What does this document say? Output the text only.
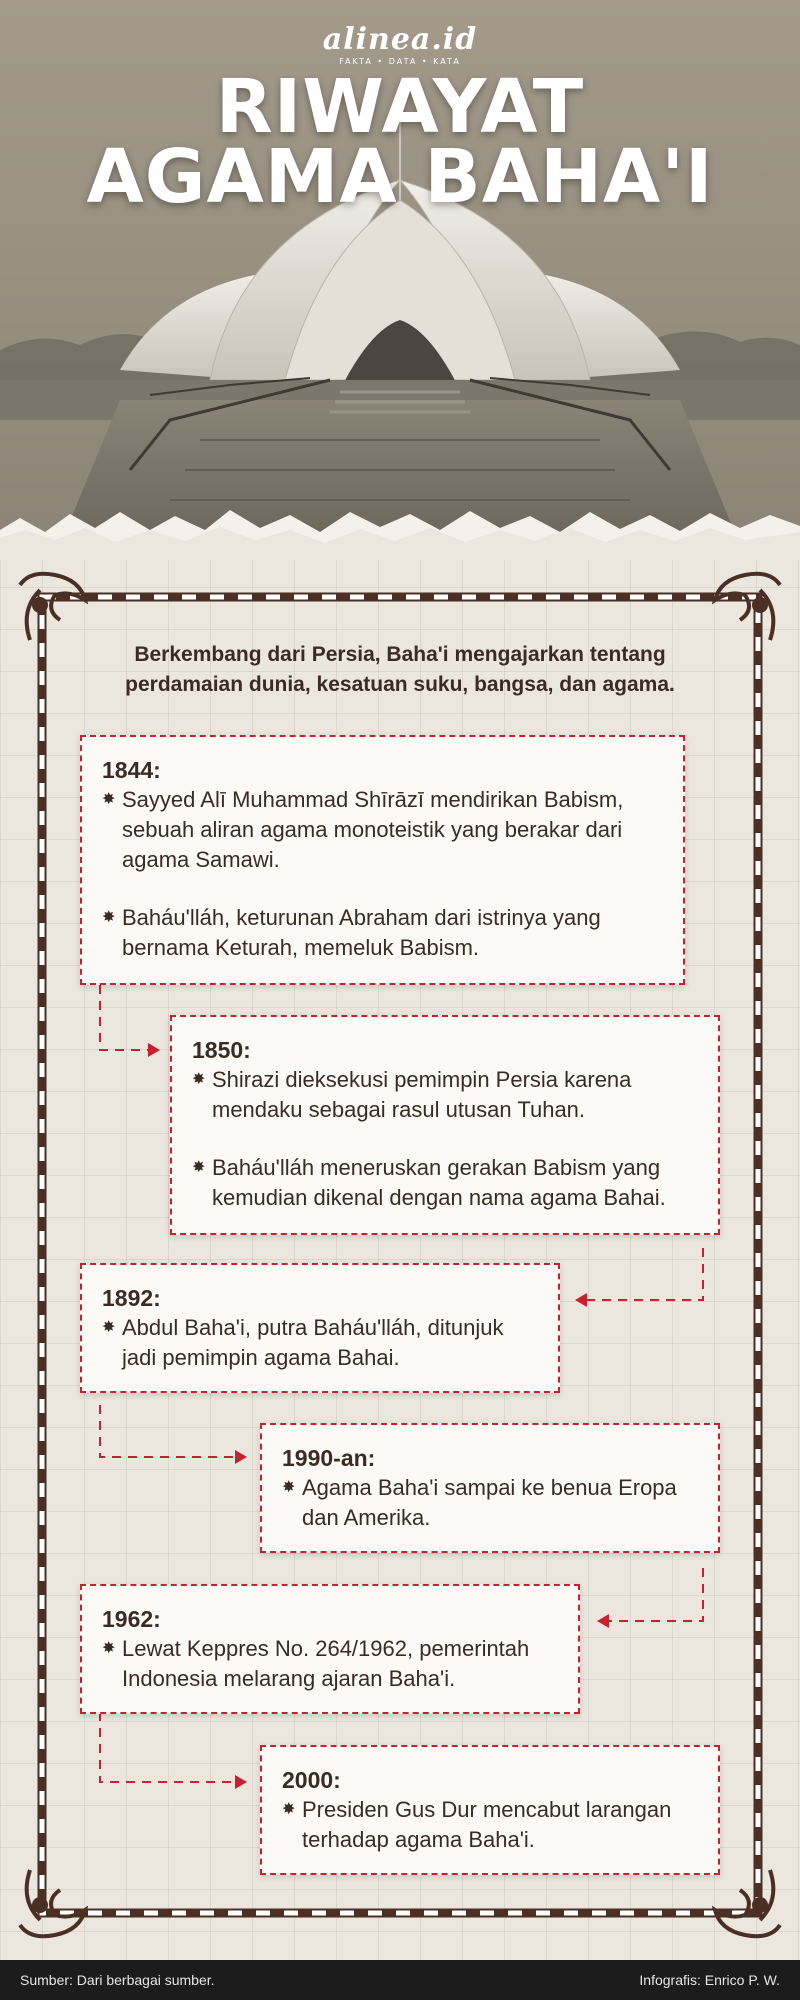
alinea.id
FAKTA • DATA • KATA
RIWAYAT
AGAMA BAHA'I
Berkembang dari Persia, Baha'i mengajarkan tentang perdamaian dunia, kesatuan suku, bangsa, dan agama.
1844:
✸ Sayyed Alī Muhammad Shīrāzī mendirikan Babism, sebuah aliran agama monoteistik yang berakar dari agama Samawi.
✸ Baháu'lláh, keturunan Abraham dari istrinya yang bernama Keturah, memeluk Babism.
1850:
✸ Shirazi dieksekusi pemimpin Persia karena mendaku sebagai rasul utusan Tuhan.
✸ Baháu'lláh meneruskan gerakan Babism yang kemudian dikenal dengan nama agama Bahai.
1892:
✸ Abdul Baha'i, putra Baháu'lláh, ditunjuk jadi pemimpin agama Bahai.
1990-an:
✸ Agama Baha'i sampai ke benua Eropa dan Amerika.
1962:
✸ Lewat Keppres No. 264/1962, pemerintah Indonesia melarang ajaran Baha'i.
2000:
✸ Presiden Gus Dur mencabut larangan terhadap agama Baha'i.
Sumber: Dari berbagai sumber.	Infografis: Enrico P. W.
